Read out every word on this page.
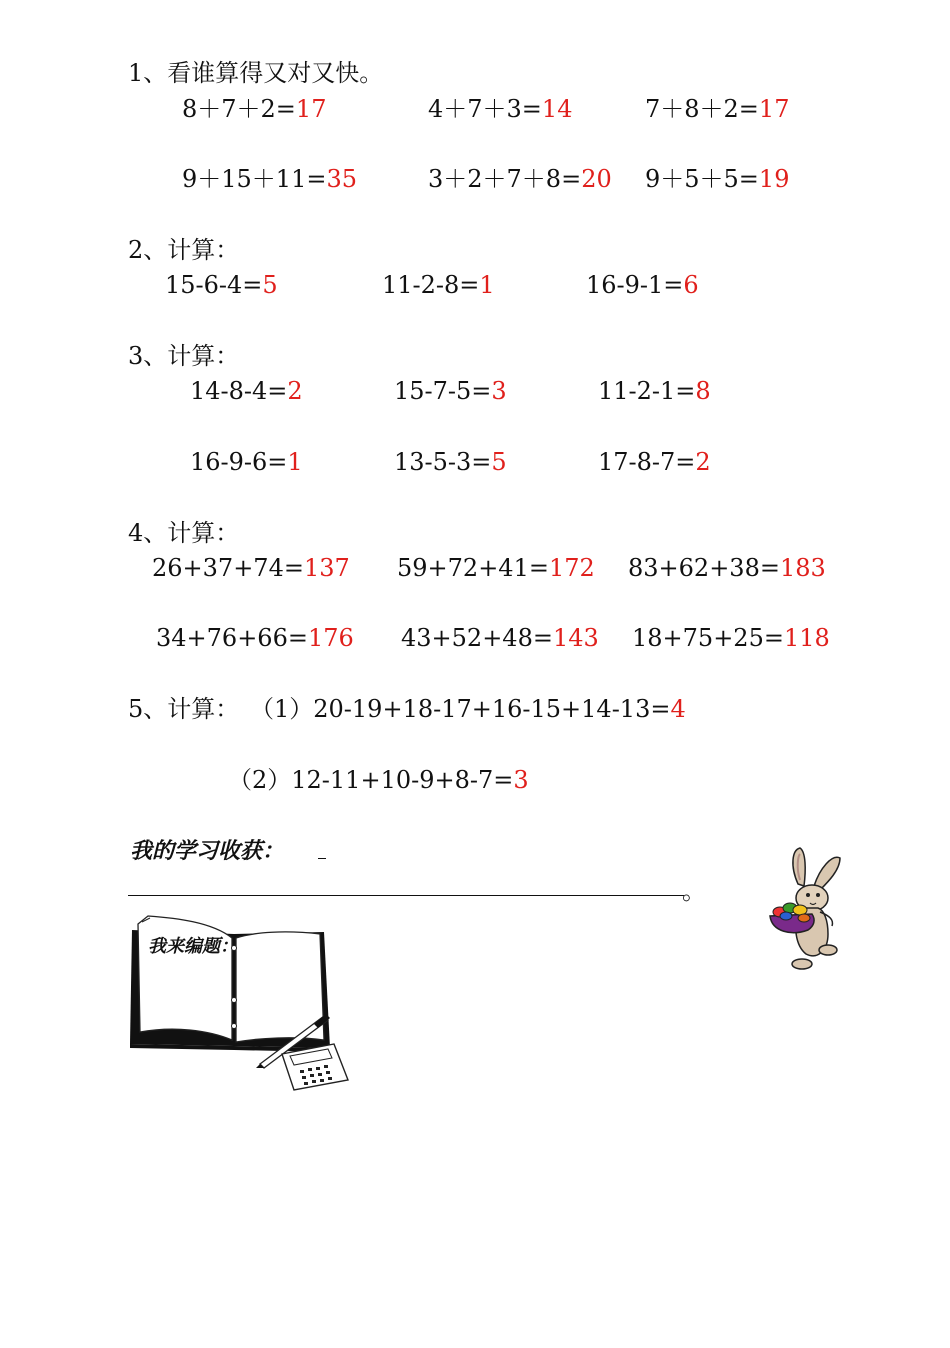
1、看谁算得又对又快。
8＋7＋2=17	4＋7＋3=14	7＋8＋2=17
9＋15＋11=35	3＋2＋7＋8=20 9＋5＋5=19
2、计算：
15-6-4=5	11-2-8=1	16-9-1=6
3、计算：
14-8-4=2	15-7-5=3	11-2-1=8
16-9-6=1	13-5-3=5	17-8-7=2
4、计算：
26+37+74=137 59+72+41=172 83+62+38=183
34+76+66=176 43+52+48=143 18+75+25=118
5、计算： （1）20-19+18-17+16-15+14-13=4
（2）12-11+10-9+8-7=3
我的学习收获：
。
我来编题：
